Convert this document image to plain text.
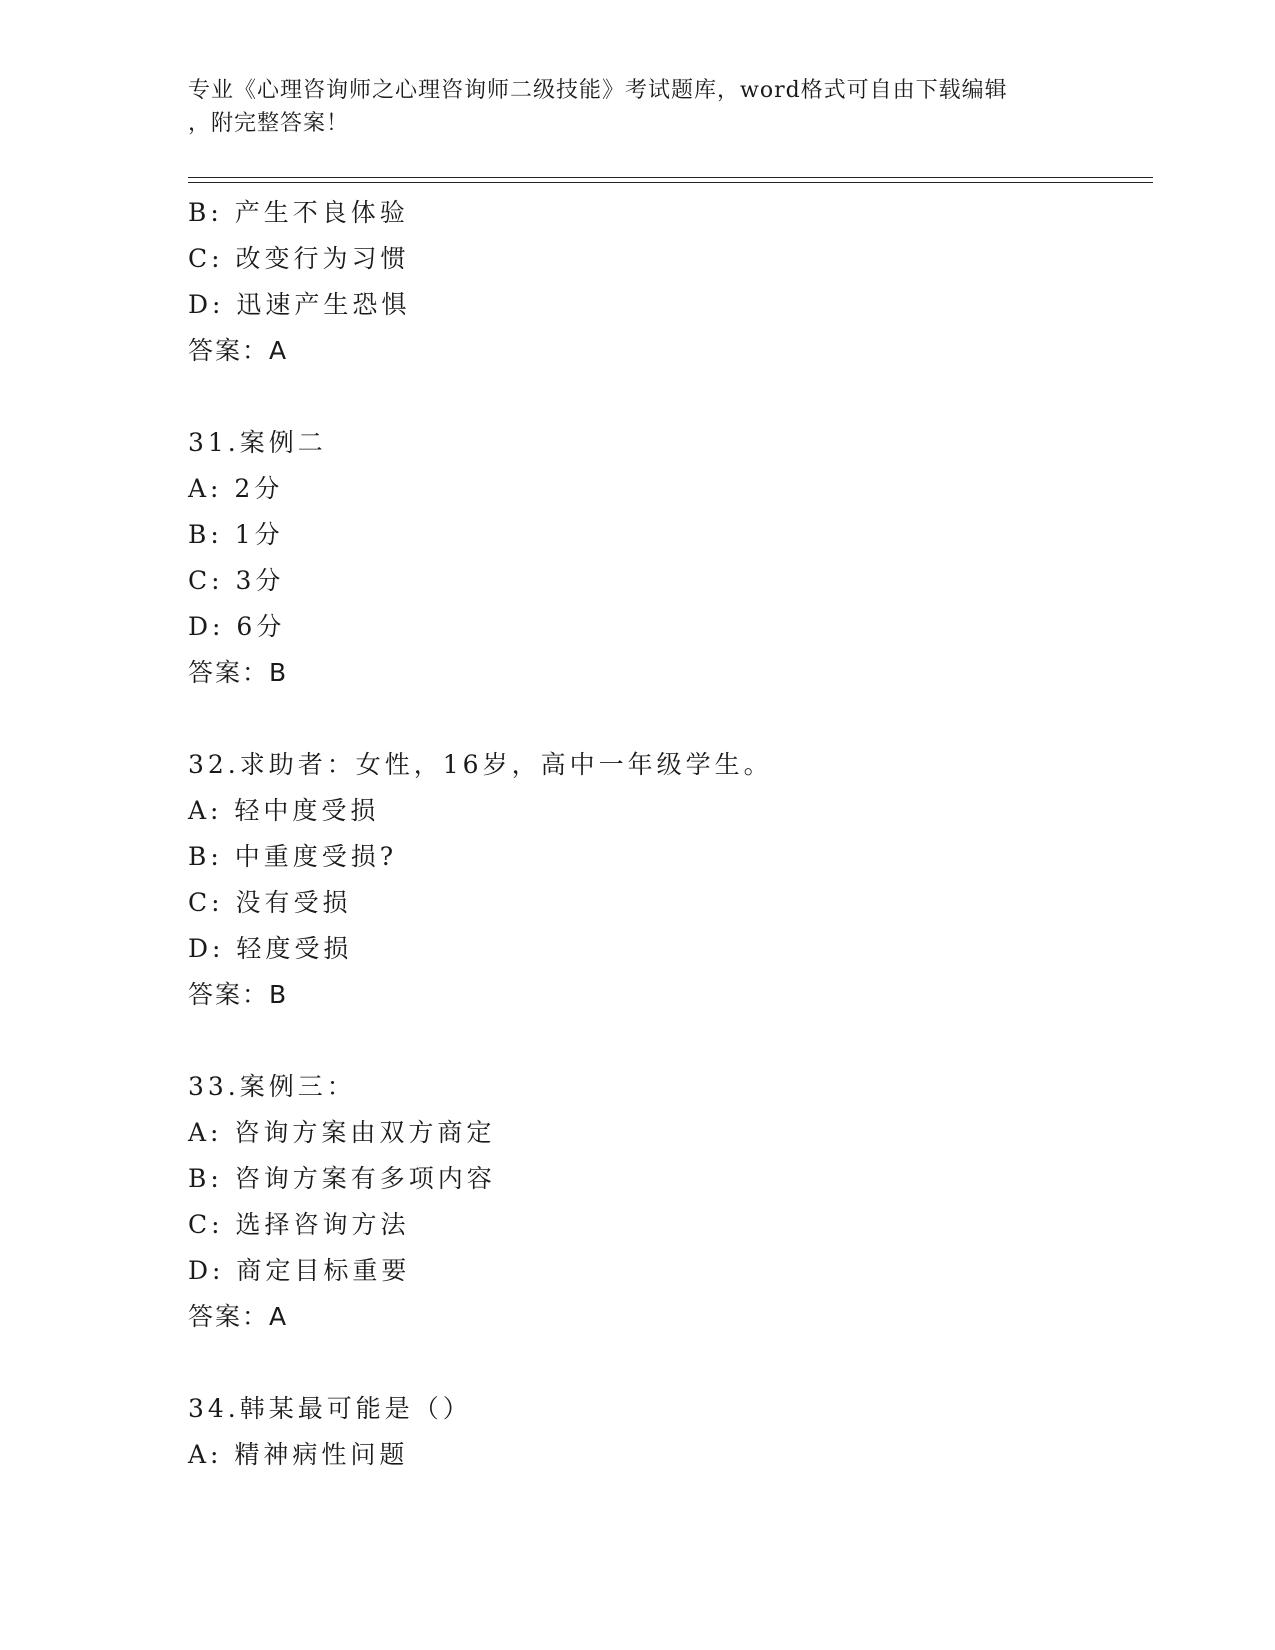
专业《心理咨询师之心理咨询师二级技能》考试题库，word格式可自由下载编辑
，附完整答案！
B: 产生不良体验
C: 改变行为习惯
D: 迅速产生恐惧
答案：A
31.案例二
A: 2分
B: 1分
C: 3分
D: 6分
答案：B
32.求助者：女性，16岁，高中一年级学生。
A: 轻中度受损
B: 中重度受损?
C: 没有受损
D: 轻度受损
答案：B
33.案例三：
A: 咨询方案由双方商定
B: 咨询方案有多项内容
C: 选择咨询方法
D: 商定目标重要
答案：A
34.韩某最可能是（）
A: 精神病性问题
